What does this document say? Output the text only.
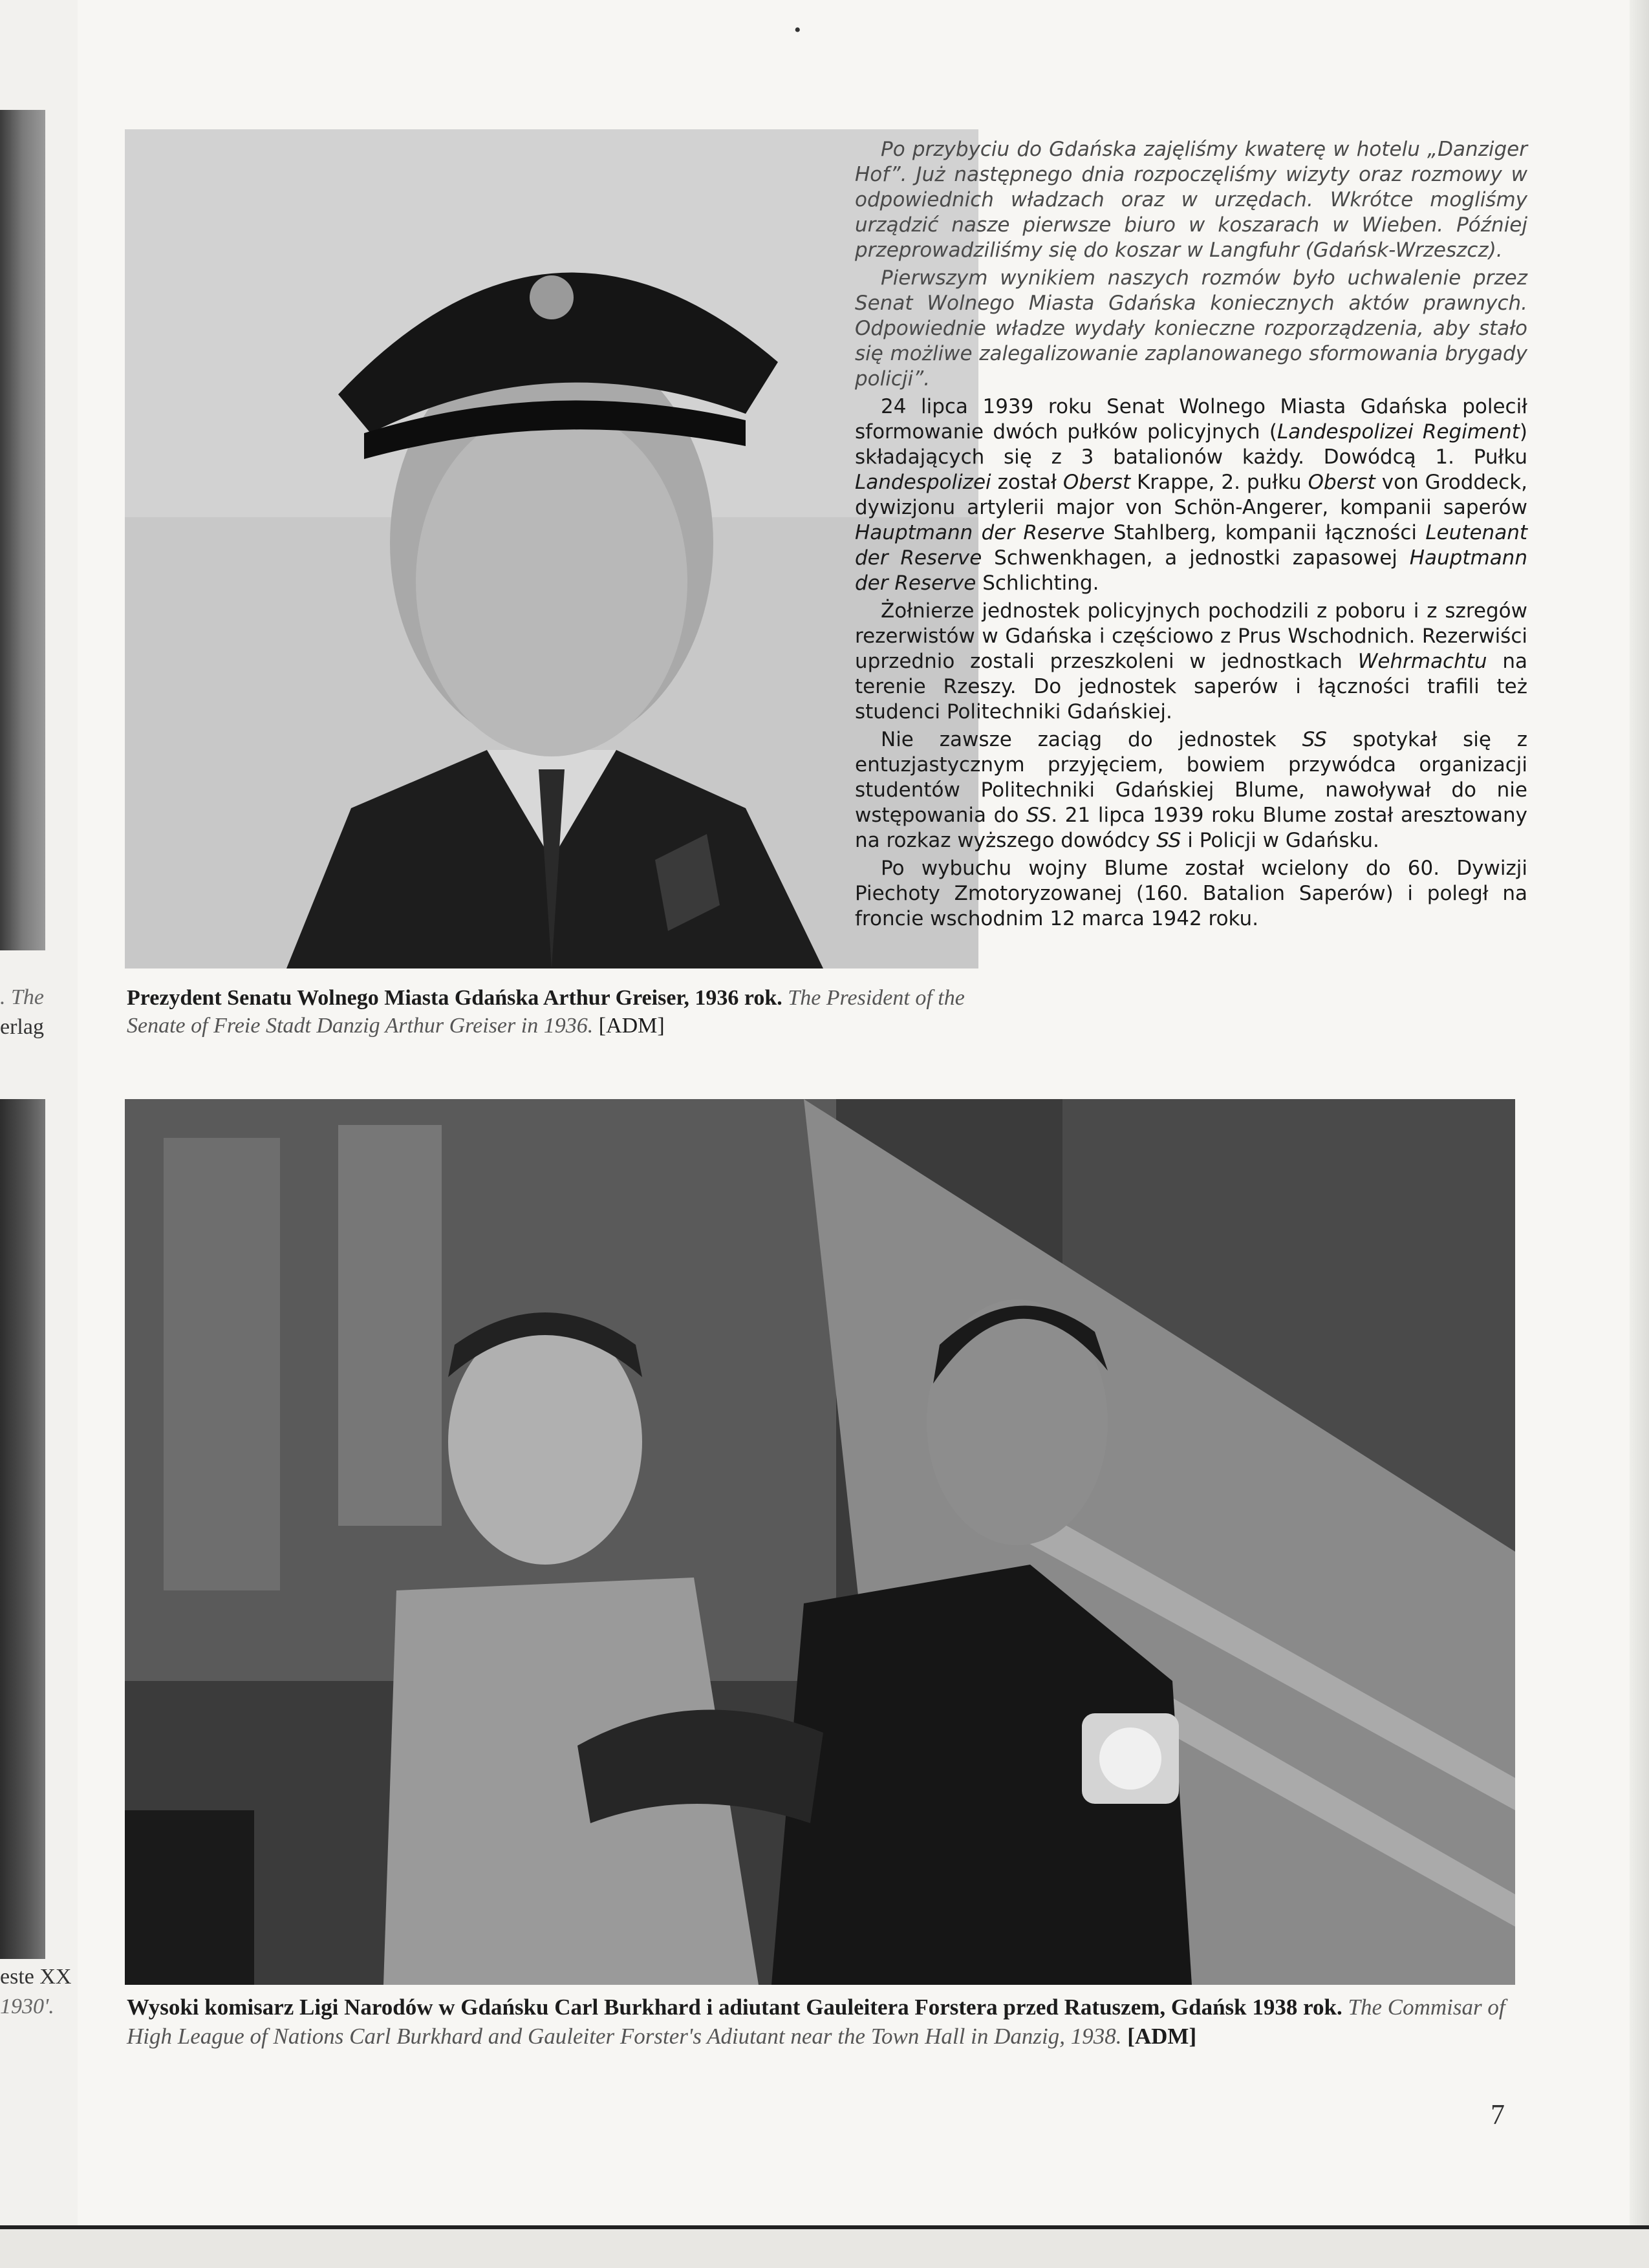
. The
erlag
este XX
1930'.
•
Prezydent Senatu Wolnego Miasta Gdańska Arthur Greiser, 1936 rok. The President of the Senate of Freie Stadt Danzig Arthur Greiser in 1936. [ADM]

Po przybyciu do Gdańska zajęliśmy kwaterę w hotelu „Danziger Hof”. Już następnego dnia rozpoczęliśmy wizyty oraz rozmowy w odpowiednich władzach oraz w urzędach. Wkrótce mogliśmy urządzić nasze pierwsze biuro w koszarach w Wieben. Później przeprowadziliśmy się do koszar w Langfuhr (Gdańsk-Wrzeszcz).

Pierwszym wynikiem naszych rozmów było uchwalenie przez Senat Wolnego Miasta Gdańska koniecznych aktów prawnych. Odpowiednie władze wydały konieczne rozporządzenia, aby stało się możliwe zalegalizowanie zaplanowanego sformowania brygady policji”.

24 lipca 1939 roku Senat Wolnego Miasta Gdańska polecił sformowanie dwóch pułków policyjnych (Landespolizei Regiment) składających się z 3 batalionów każdy. Dowódcą 1. Pułku Landespolizei został Oberst Krappe, 2. pułku Oberst von Groddeck, dywizjonu artylerii major von Schön-Angerer, kompanii saperów Hauptmann der Reserve Stahlberg, kompanii łączności Leutenant der Reserve Schwenkhagen, a jednostki zapasowej Hauptmann der Reserve Schlichting.

Żołnierze jednostek policyjnych pochodzili z poboru i z szregów rezerwistów w Gdańska i częściowo z Prus Wschodnich. Rezerwiści uprzednio zostali przeszkoleni w jednostkach Wehrmachtu na terenie Rzeszy. Do jednostek saperów i łączności trafili też studenci Politechniki Gdańskiej.

Nie zawsze zaciąg do jednostek SS spotykał się z entuzjastycznym przyjęciem, bowiem przywódca organizacji studentów Politechniki Gdańskiej Blume, nawoływał do nie wstępowania do SS. 21 lipca 1939 roku Blume został aresztowany na rozkaz wyższego dowódcy SS i Policji w Gdańsku.

Po wybuchu wojny Blume został wcielony do 60. Dywizji Piechoty Zmotoryzowanej (160. Batalion Saperów) i poległ na froncie wschodnim 12 marca 1942 roku.

Wysoki komisarz Ligi Narodów w Gdańsku Carl Burkhard i adiutant Gauleitera Forstera przed Ratuszem, Gdańsk 1938 rok. The Commisar of High League of Nations Carl Burkhard and Gauleiter Forster's Adiutant near the Town Hall in Danzig, 1938. [ADM]
7
